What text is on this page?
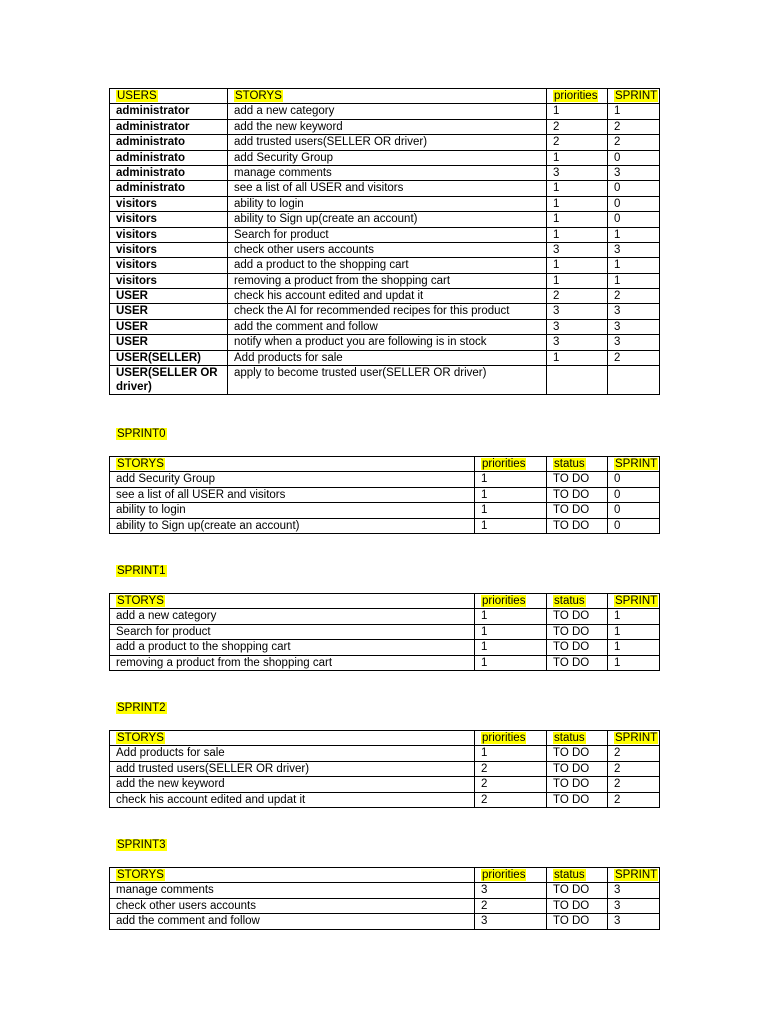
USERS	STORYS	priorities	SPRINT
administrator	add a new category	1	1
administrator	add the new keyword	2	2
administrato	add trusted users(SELLER OR driver)	2	2
administrato	add Security Group	1	0
administrato	manage comments	3	3
administrato	see a list of all USER and visitors	1	0
visitors	ability to login	1	0
visitors	ability to Sign up(create an account)	1	0
visitors	Search for product	1	1
visitors	check other users accounts	3	3
visitors	add a product to the shopping cart	1	1
visitors	removing a product from the shopping cart	1	1
USER	check his account edited and updat it	2	2
USER	check the AI for recommended recipes for this product	3	3
USER	add the comment and follow	3	3
USER	notify when a product you are following is in stock	3	3
USER(SELLER)	Add products for sale	1	2
USER(SELLER OR driver)	apply to become trusted user(SELLER OR driver)		
SPRINT0
STORYS	priorities	status	SPRINT
add Security Group	1	TO DO	0
see a list of all USER and visitors	1	TO DO	0
ability to login	1	TO DO	0
ability to Sign up(create an account)	1	TO DO	0
SPRINT1
STORYS	priorities	status	SPRINT
add a new category	1	TO DO	1
Search for product	1	TO DO	1
add a product to the shopping cart	1	TO DO	1
removing a product from the shopping cart	1	TO DO	1
SPRINT2
STORYS	priorities	status	SPRINT
Add products for sale	1	TO DO	2
add trusted users(SELLER OR driver)	2	TO DO	2
add the new keyword	2	TO DO	2
check his account edited and updat it	2	TO DO	2
SPRINT3
STORYS	priorities	status	SPRINT
manage comments	3	TO DO	3
check other users accounts	2	TO DO	3
add the comment and follow	3	TO DO	3
